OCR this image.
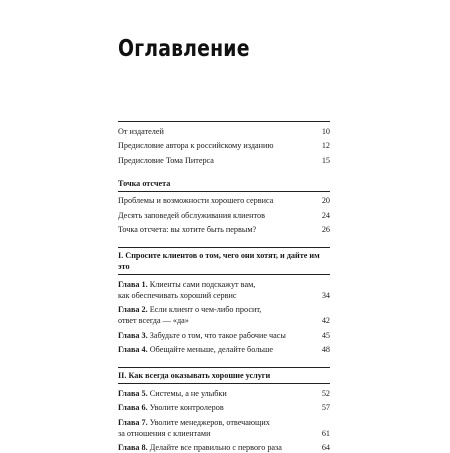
Оглавление
От издателей	10
Предисловие автора к российскому изданию	12
Предисловие Тома Питерса	15
Точка отсчета
Проблемы и возможности хорошего сервиса	20
Десять заповедей обслуживания клиентов	24
Точка отсчета: вы хотите быть первым?	26
I. Спросите клиентов о том, чего они хотят, и дайте им это
Глава 1. Клиенты сами подскажут вам,
как обеспечивать хороший сервис	34
Глава 2. Если клиент о чем-либо просит,
ответ всегда — «да»	42
Глава 3. Забудьте о том, что такое рабочие часы	45
Глава 4. Обещайте меньше, делайте больше	48
II. Как всегда оказывать хорошие услуги
Глава 5. Системы, а не улыбки	52
Глава 6. Уволите контролеров	57
Глава 7. Уволите менеджеров, отвечающих
за отношения с клиентами	61
Глава 8. Делайте все правильно с первого раза	64
